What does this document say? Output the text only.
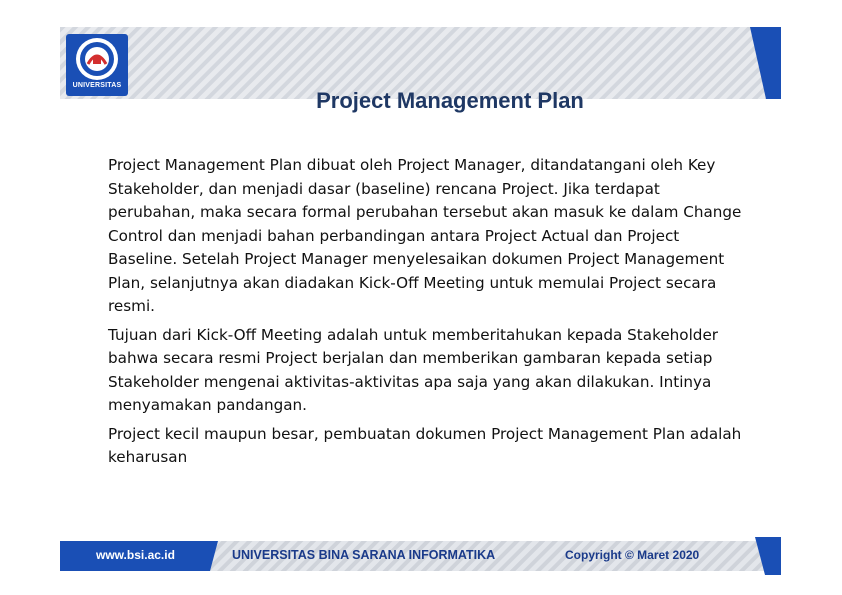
UNIVERSITAS
Project Management Plan

Project Management Plan dibuat oleh Project Manager, ditandatangani oleh Key Stakeholder, dan menjadi dasar (baseline) rencana Project. Jika terdapat perubahan, maka secara formal perubahan tersebut akan masuk ke dalam Change Control dan menjadi bahan perbandingan antara Project Actual dan Project Baseline. Setelah Project Manager menyelesaikan dokumen Project Management Plan, selanjutnya akan diadakan Kick-Off Meeting untuk memulai Project secara resmi.

Tujuan dari Kick-Off Meeting adalah untuk memberitahukan kepada Stakeholder bahwa secara resmi Project berjalan dan memberikan gambaran kepada setiap Stakeholder mengenai aktivitas-aktivitas apa saja yang akan dilakukan. Intinya menyamakan pandangan.

Project kecil maupun besar, pembuatan dokumen Project Management Plan adalah keharusan

www.bsi.ac.id	UNIVERSITAS BINA SARANA INFORMATIKA	Copyright © Maret 2020
